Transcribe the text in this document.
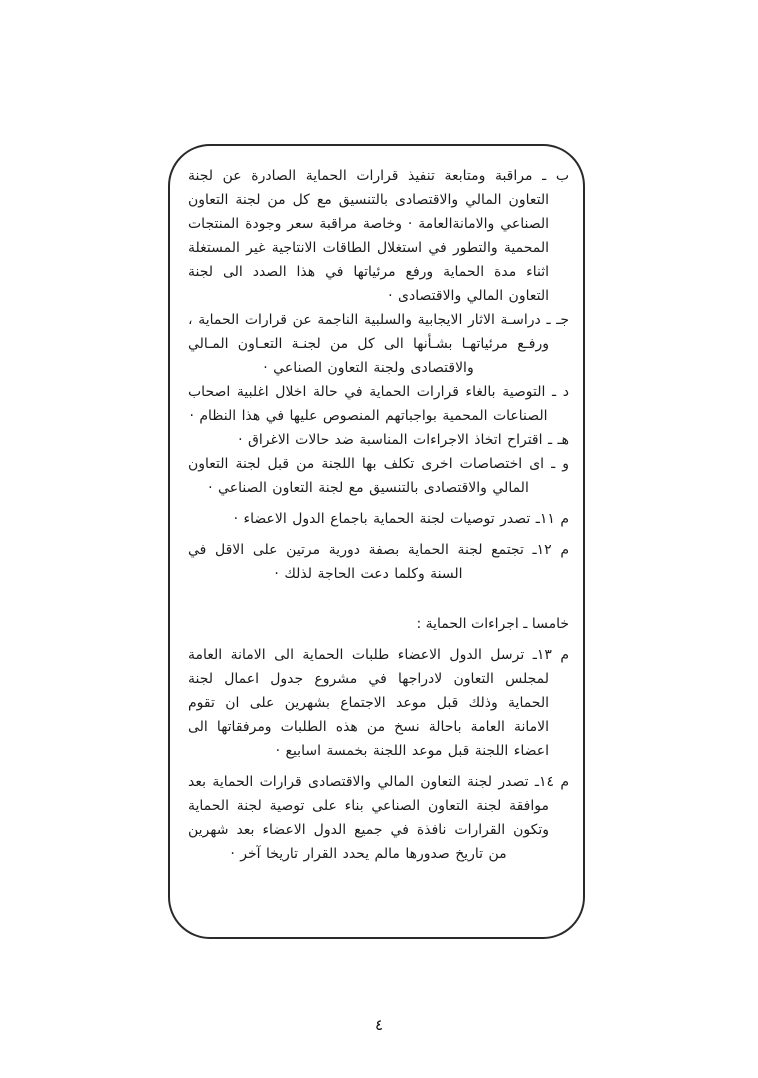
ب ـ مراقبة ومتابعة تنفيذ قرارات الحماية الصادرة عن لجنة التعاون المالي والاقتصادى بالتنسيق مع كل من لجنة التعاون الصناعي والامانةالعامة · وخاصة مراقبة سعر وجودة المنتجات المحمية والتطور في استغلال الطاقات الانتاجية غير المستغلة اثناء مدة الحماية ورفع مرئياتها في هذا الصدد الى لجنة التعاون المالي والاقتصادى ·
جـ ـ دراسـة الاثار الايجابية والسلبية الناجمة عن قرارات الحماية ، ورفـع مرئياتهـا بشـأنها الى كل من لجنـة التعـاون المـالي والاقتصادى ولجنة التعاون الصناعي ·
د ـ التوصية بالغاء قرارات الحماية في حالة اخلال اغلبية اصحاب الصناعات المحمية بواجباتهم المنصوص عليها في هذا النظام ·
هـ ـ اقتراح اتخاذ الاجراءات المناسبة ضد حالات الاغراق ·
و ـ اى اختصاصات اخرى تكلف بها اللجنة من قبل لجنة التعاون المالي والاقتصادى بالتنسيق مع لجنة التعاون الصناعي ·
م ١١ـ تصدر توصيات لجنة الحماية باجماع الدول الاعضاء ·
م ١٢ـ تجتمع لجنة الحماية بصفة دورية مرتين على الاقل في السنة وكلما دعت الحاجة لذلك ·
خامسا ـ اجراءات الحماية :
م ١٣ـ ترسل الدول الاعضاء طلبات الحماية الى الامانة العامة لمجلس التعاون لادراجها في مشروع جدول اعمال لجنة الحماية وذلك قبل موعد الاجتماع بشهرين على ان تقوم الامانة العامة باحالة نسخ من هذه الطلبات ومرفقاتها الى اعضاء اللجنة قبل موعد اللجنة بخمسة اسابيع ·
م ١٤ـ تصدر لجنة التعاون المالي والاقتصادى قرارات الحماية بعد موافقة لجنة التعاون الصناعي بناء على توصية لجنة الحماية وتكون القرارات نافذة في جميع الدول الاعضاء بعد شهرين من تاريخ صدورها مالم يحدد القرار تاريخا آخر ·
٤
